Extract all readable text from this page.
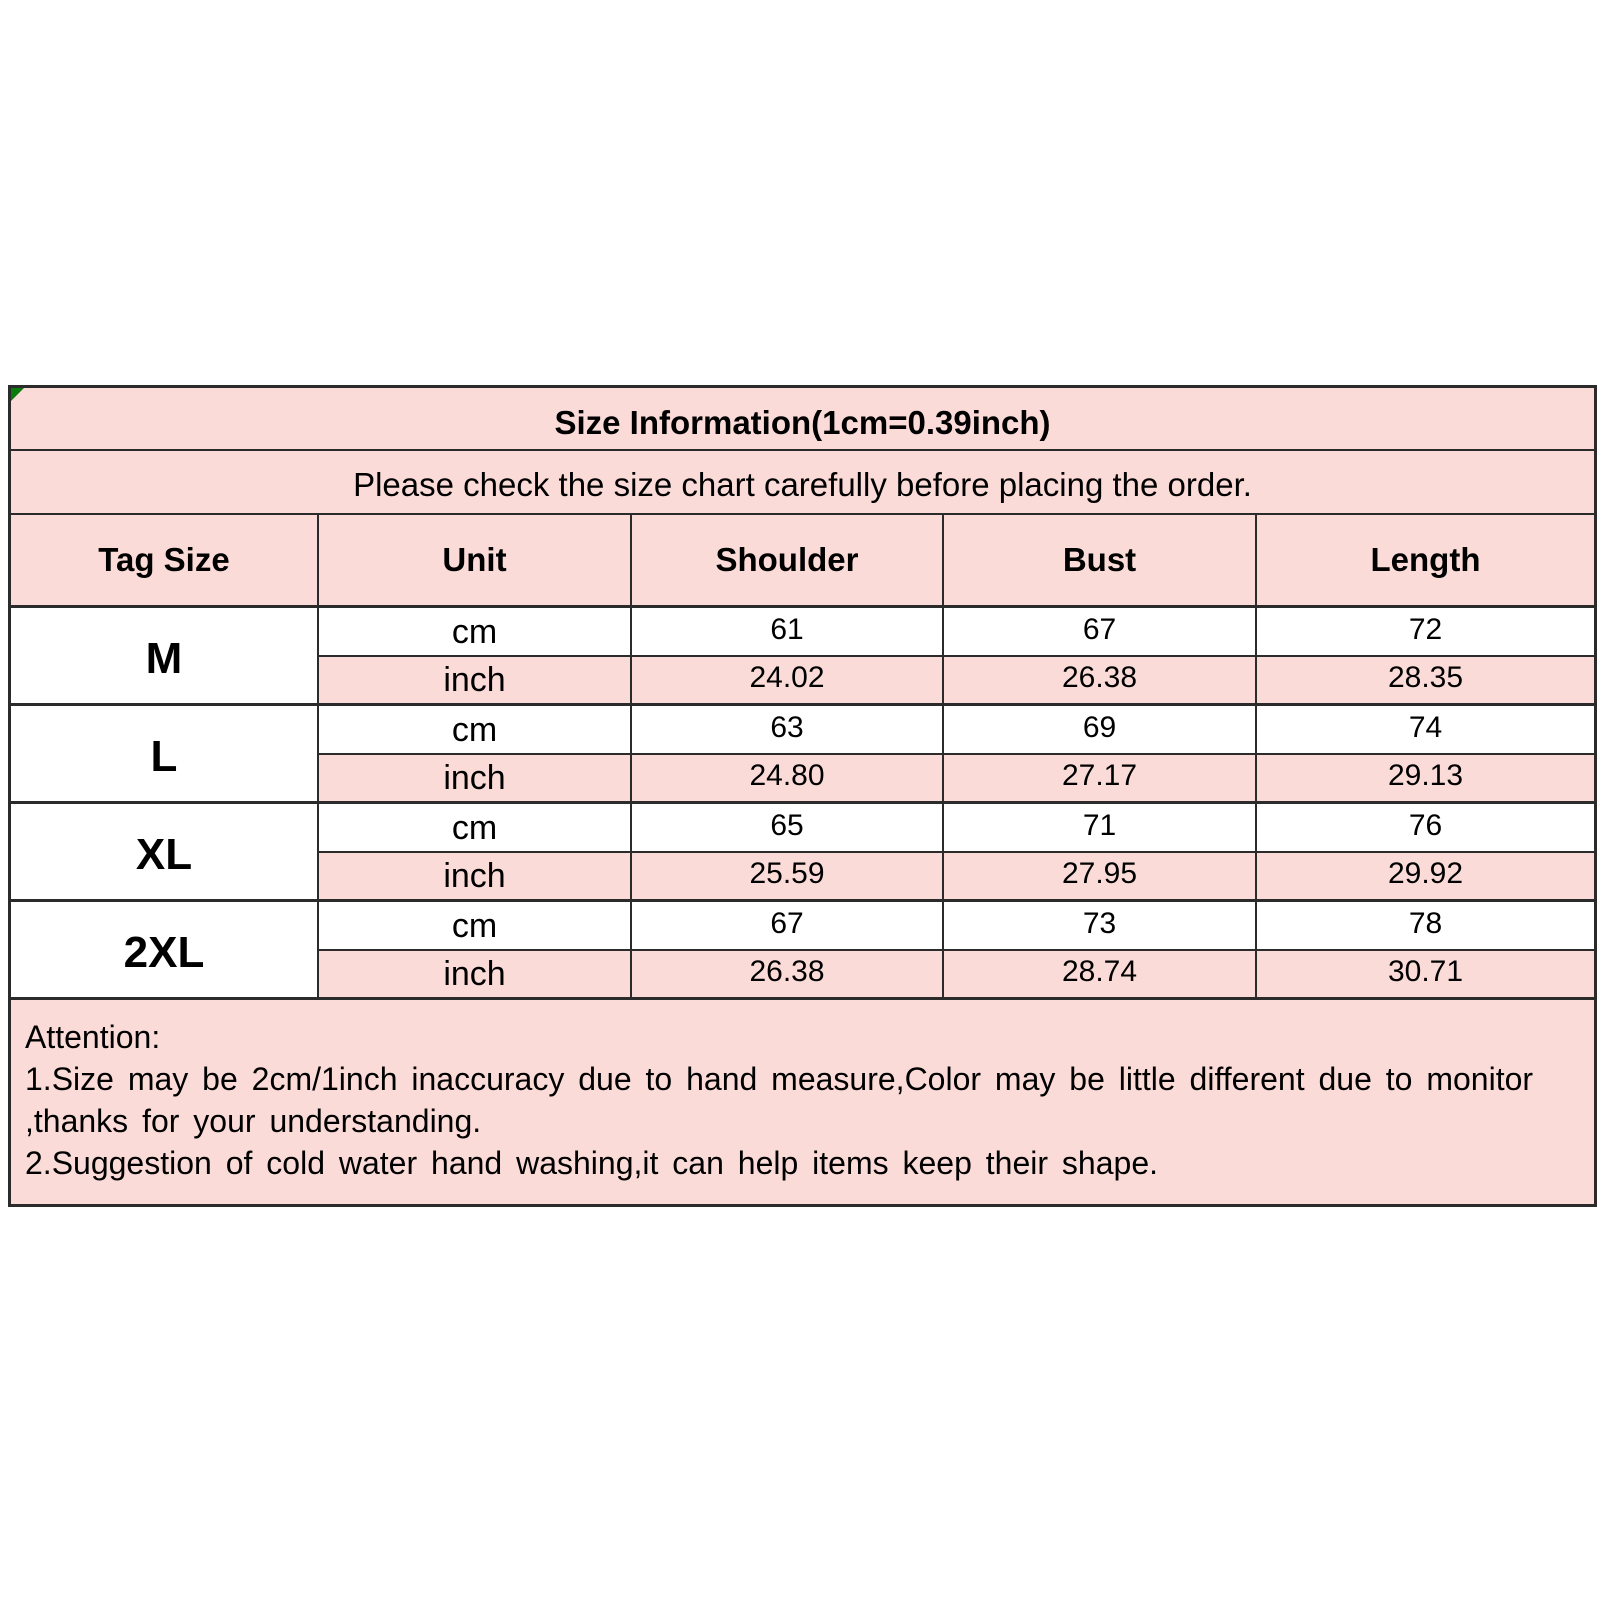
Size Information(1cm=0.39inch)
Please check the size chart carefully before placing the order.
Tag Size	Unit	Shoulder	Bust	Length
M
cm	61	67	72
inch	24.02	26.38	28.35
L
cm	63	69	74
inch	24.80	27.17	29.13
XL
cm	65	71	76
inch	25.59	27.95	29.92
2XL
cm	67	73	78
inch	26.38	28.74	30.71
Attention:
1.Size may be 2cm/1inch inaccuracy due to hand measure,Color may be little different due to monitor
,thanks for your understanding.
2.Suggestion of cold water hand washing,it can help items keep their shape.
